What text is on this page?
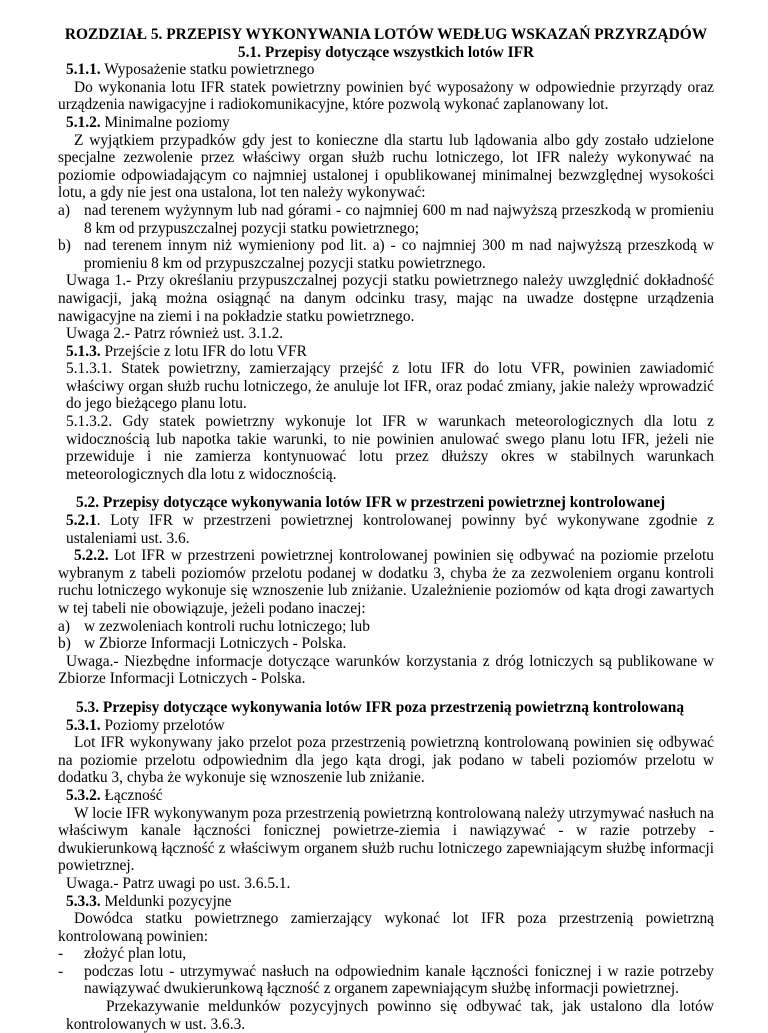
ROZDZIAŁ 5. PRZEPISY WYKONYWANIA LOTÓW WEDŁUG WSKAZAŃ PRZYRZĄDÓW

5.1. Przepisy dotyczące wszystkich lotów IFR

5.1.1. Wyposażenie statku powietrznego

Do wykonania lotu IFR statek powietrzny powinien być wyposażony w odpowiednie przyrządy oraz urządzenia nawigacyjne i radiokomunikacyjne, które pozwolą wykonać zaplanowany lot.

5.1.2. Minimalne poziomy

Z wyjątkiem przypadków gdy jest to konieczne dla startu lub lądowania albo gdy zostało udzielone specjalne zezwolenie przez właściwy organ służb ruchu lotniczego, lot IFR należy wykonywać na poziomie odpowiadającym co najmniej ustalonej i opublikowanej minimalnej bezwzględnej wysokości lotu, a gdy nie jest ona ustalona, lot ten należy wykonywać:

a) nad terenem wyżynnym lub nad górami - co najmniej 600 m nad najwyższą przeszkodą w promieniu 8 km od przypuszczalnej pozycji statku powietrznego;
b) nad terenem innym niż wymieniony pod lit. a) - co najmniej 300 m nad najwyższą przeszkodą w promieniu 8 km od przypuszczalnej pozycji statku powietrznego.

Uwaga 1.- Przy określaniu przypuszczalnej pozycji statku powietrznego należy uwzględnić dokładność nawigacji, jaką można osiągnąć na danym odcinku trasy, mając na uwadze dostępne urządzenia nawigacyjne na ziemi i na pokładzie statku powietrznego.

Uwaga 2.- Patrz również ust. 3.1.2.

5.1.3. Przejście z lotu IFR do lotu VFR

5.1.3.1. Statek powietrzny, zamierzający przejść z lotu IFR do lotu VFR, powinien zawiadomić właściwy organ służb ruchu lotniczego, że anuluje lot IFR, oraz podać zmiany, jakie należy wprowadzić do jego bieżącego planu lotu.

5.1.3.2. Gdy statek powietrzny wykonuje lot IFR w warunkach meteorologicznych dla lotu z widocznością lub napotka takie warunki, to nie powinien anulować swego planu lotu IFR, jeżeli nie przewiduje i nie zamierza kontynuować lotu przez dłuższy okres w stabilnych warunkach meteorologicznych dla lotu z widocznością.

5.2. Przepisy dotyczące wykonywania lotów IFR w przestrzeni powietrznej kontrolowanej

5.2.1. Loty IFR w przestrzeni powietrznej kontrolowanej powinny być wykonywane zgodnie z ustaleniami ust. 3.6.

5.2.2. Lot IFR w przestrzeni powietrznej kontrolowanej powinien się odbywać na poziomie przelotu wybranym z tabeli poziomów przelotu podanej w dodatku 3, chyba że za zezwoleniem organu kontroli ruchu lotniczego wykonuje się wznoszenie lub zniżanie. Uzależnienie poziomów od kąta drogi zawartych w tej tabeli nie obowiązuje, jeżeli podano inaczej:

a) w zezwoleniach kontroli ruchu lotniczego; lub
b) w Zbiorze Informacji Lotniczych - Polska.

Uwaga.- Niezbędne informacje dotyczące warunków korzystania z dróg lotniczych są publikowane w Zbiorze Informacji Lotniczych - Polska.

5.3. Przepisy dotyczące wykonywania lotów IFR poza przestrzenią powietrzną kontrolowaną

5.3.1. Poziomy przelotów

Lot IFR wykonywany jako przelot poza przestrzenią powietrzną kontrolowaną powinien się odbywać na poziomie przelotu odpowiednim dla jego kąta drogi, jak podano w tabeli poziomów przelotu w dodatku 3, chyba że wykonuje się wznoszenie lub zniżanie.

5.3.2. Łączność

W locie IFR wykonywanym poza przestrzenią powietrzną kontrolowaną należy utrzymywać nasłuch na właściwym kanale łączności fonicznej powietrze-ziemia i nawiązywać - w razie potrzeby - dwukierunkową łączność z właściwym organem służb ruchu lotniczego zapewniającym służbę informacji powietrznej.

Uwaga.- Patrz uwagi po ust. 3.6.5.1.

5.3.3. Meldunki pozycyjne

Dowódca statku powietrznego zamierzający wykonać lot IFR poza przestrzenią powietrzną kontrolowaną powinien:

-	złożyć plan lotu,
-	podczas lotu - utrzymywać nasłuch na odpowiednim kanale łączności fonicznej i w razie potrzeby nawiązywać dwukierunkową łączność z organem zapewniającym służbę informacji powietrznej.

Przekazywanie meldunków pozycyjnych powinno się odbywać tak, jak ustalono dla lotów kontrolowanych w ust. 3.6.3.
